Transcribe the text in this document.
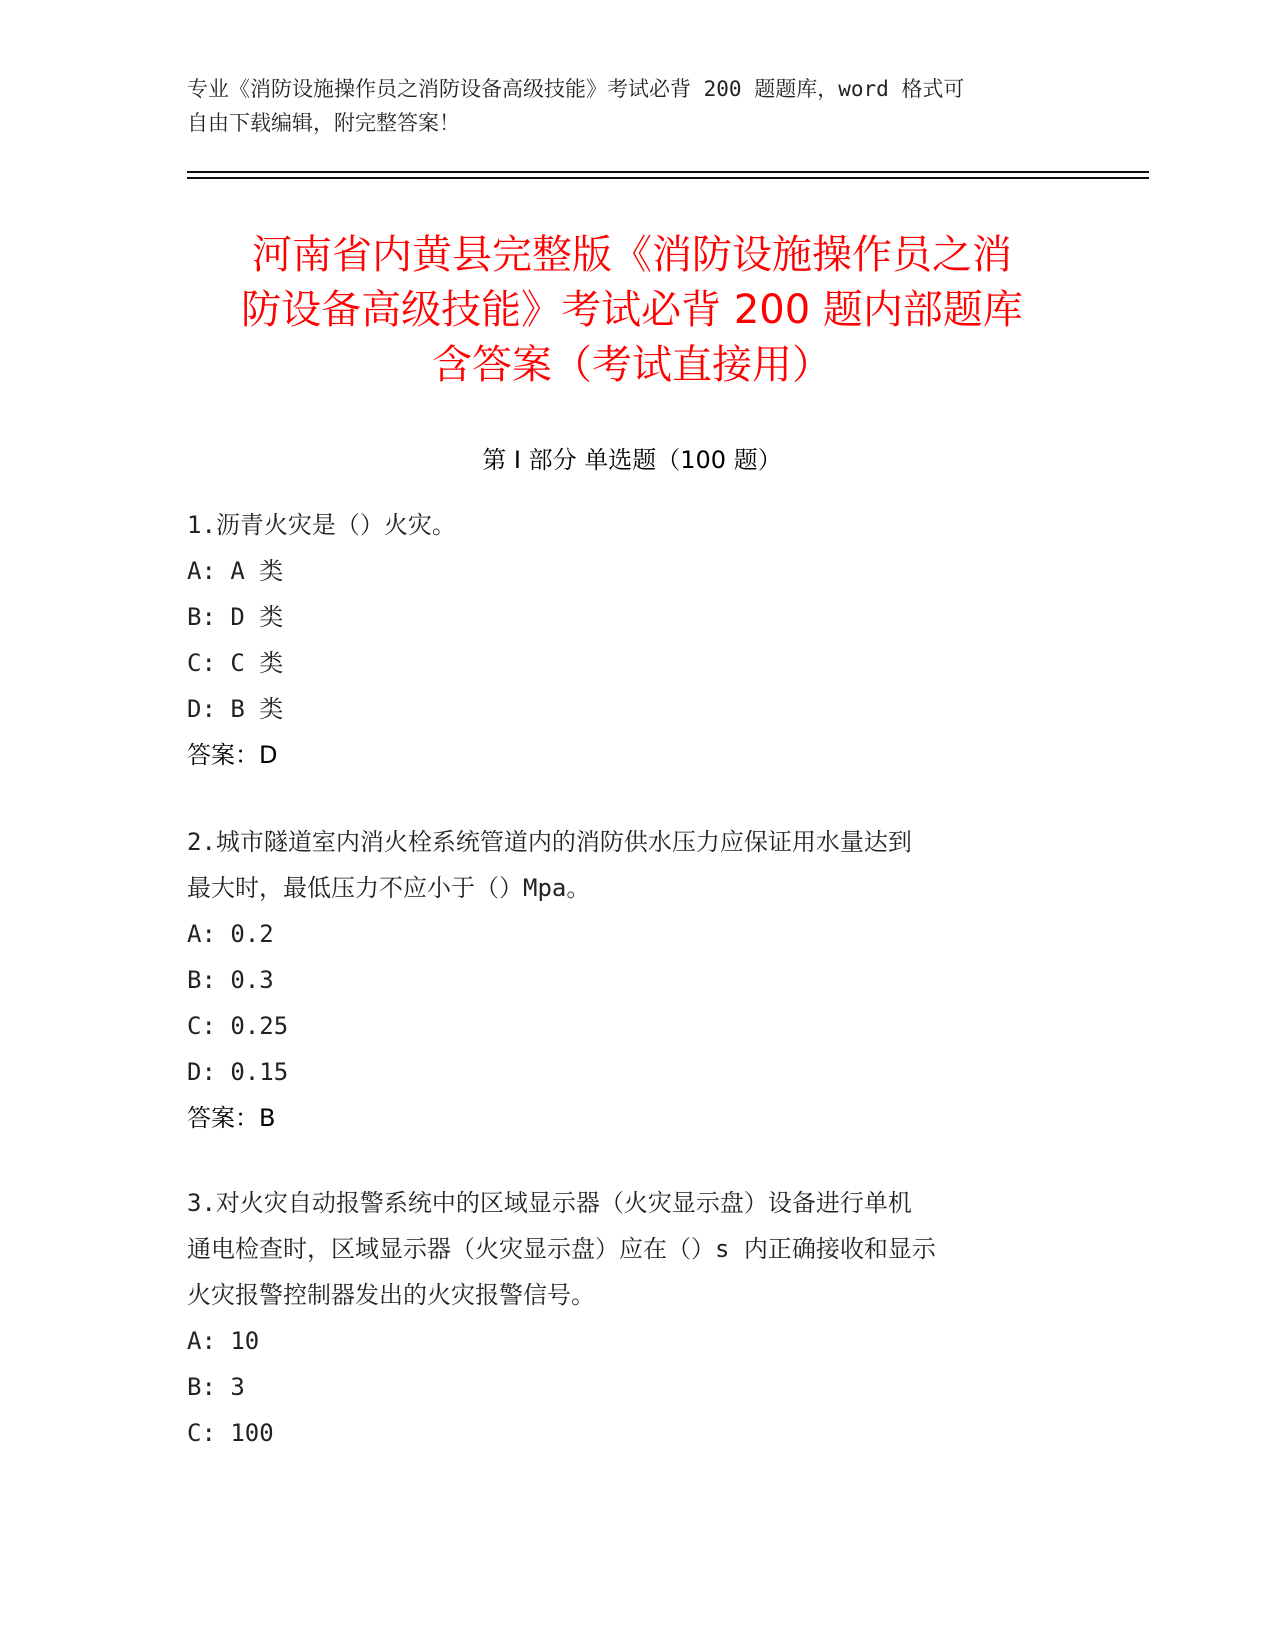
专业《消防设施操作员之消防设备高级技能》考试必背 200 题题库，word 格式可
自由下载编辑，附完整答案！
河南省内黄县完整版《消防设施操作员之消
防设备高级技能》考试必背 200 题内部题库
含答案（考试直接用）
第 I 部分 单选题（100 题）
1.沥青火灾是（）火灾。
A: A 类
B: D 类
C: C 类
D: B 类
答案：D
2.城市隧道室内消火栓系统管道内的消防供水压力应保证用水量达到
最大时，最低压力不应小于（）Mpa。
A: 0.2
B: 0.3
C: 0.25
D: 0.15
答案：B
3.对火灾自动报警系统中的区域显示器（火灾显示盘）设备进行单机
通电检查时，区域显示器（火灾显示盘）应在（）s 内正确接收和显示
火灾报警控制器发出的火灾报警信号。
A: 10
B: 3
C: 100
